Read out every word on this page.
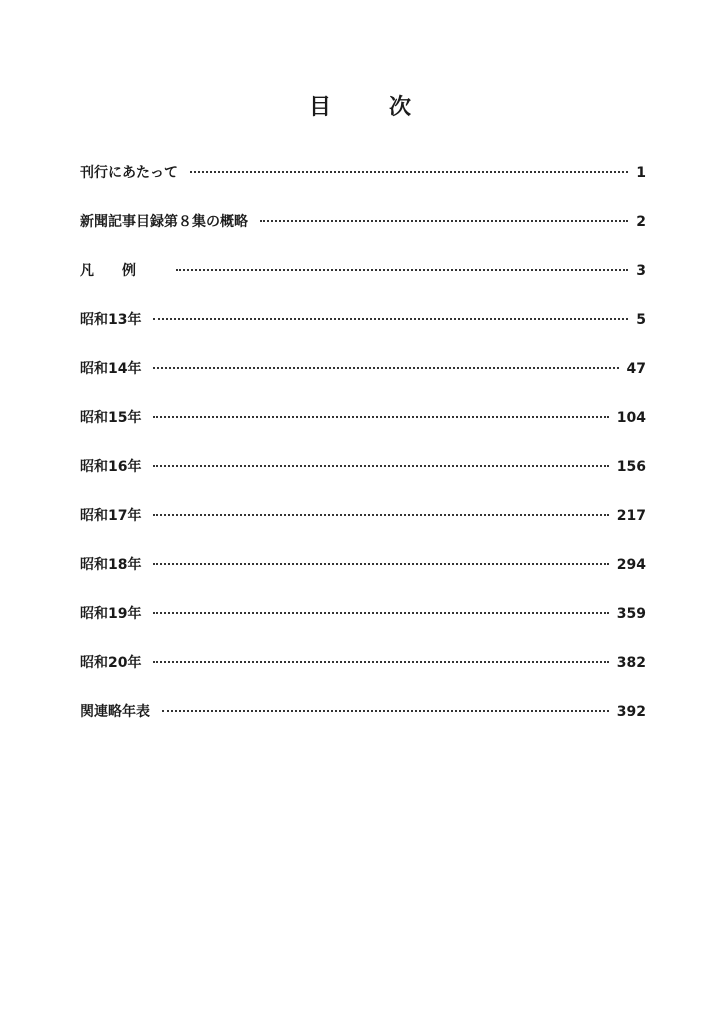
目	次
刊行にあたって	1
新聞記事目録第８集の概略	2
凡例	3
昭和13年	5
昭和14年	47
昭和15年	104
昭和16年	156
昭和17年	217
昭和18年	294
昭和19年	359
昭和20年	382
関連略年表	392
